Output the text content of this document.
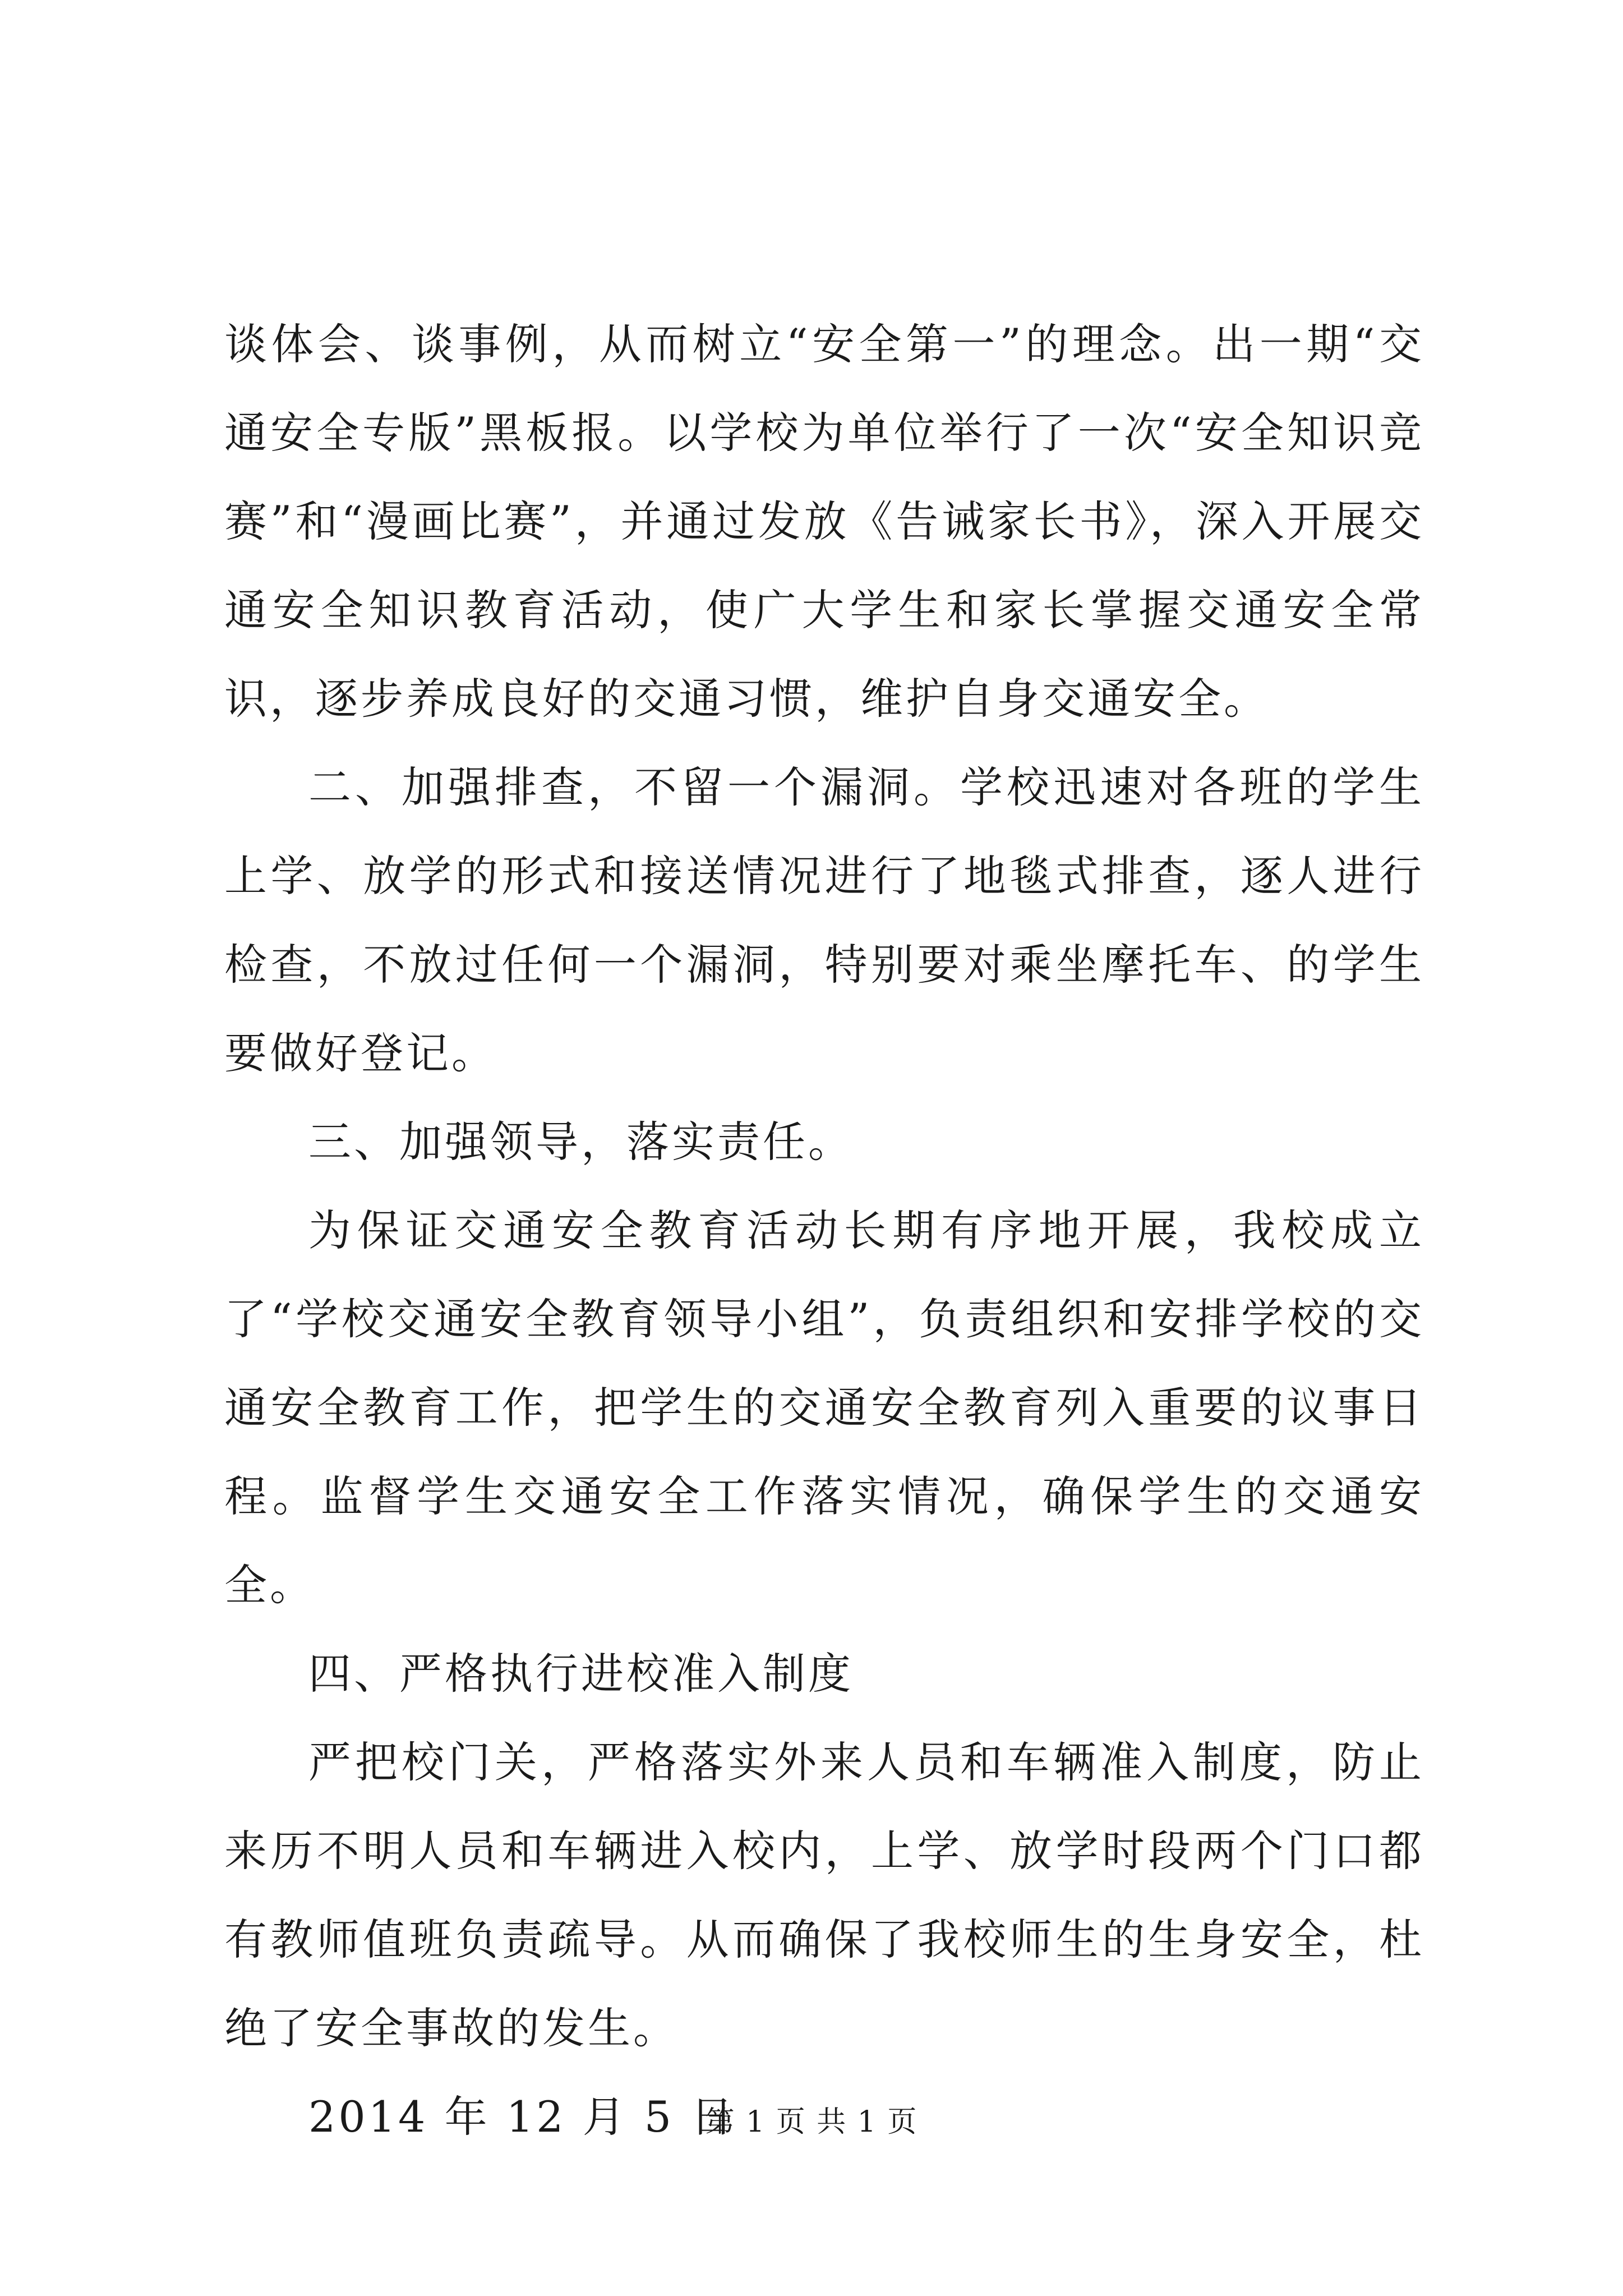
谈体会、谈事例，从而树立“安全第一”的理念。出一期“交通安全专版”黑板报。以学校为单位举行了一次“安全知识竞赛”和“漫画比赛”，并通过发放《告诫家长书》，深入开展交通安全知识教育活动，使广大学生和家长掌握交通安全常识，逐步养成良好的交通习惯，维护自身交通安全。

二、加强排查，不留一个漏洞。学校迅速对各班的学生上学、放学的形式和接送情况进行了地毯式排查，逐人进行检查，不放过任何一个漏洞，特别要对乘坐摩托车、的学生要做好登记。

三、加强领导，落实责任。

为保证交通安全教育活动长期有序地开展，我校成立了“学校交通安全教育领导小组”，负责组织和安排学校的交通安全教育工作，把学生的交通安全教育列入重要的议事日程。监督学生交通安全工作落实情况，确保学生的交通安全。

四、严格执行进校准入制度

严把校门关，严格落实外来人员和车辆准入制度，防止来历不明人员和车辆进入校内，上学、放学时段两个门口都有教师值班负责疏导。从而确保了我校师生的生身安全，杜绝了安全事故的发生。

2014 年 12 月 5 日

第 1 页 共 1 页
